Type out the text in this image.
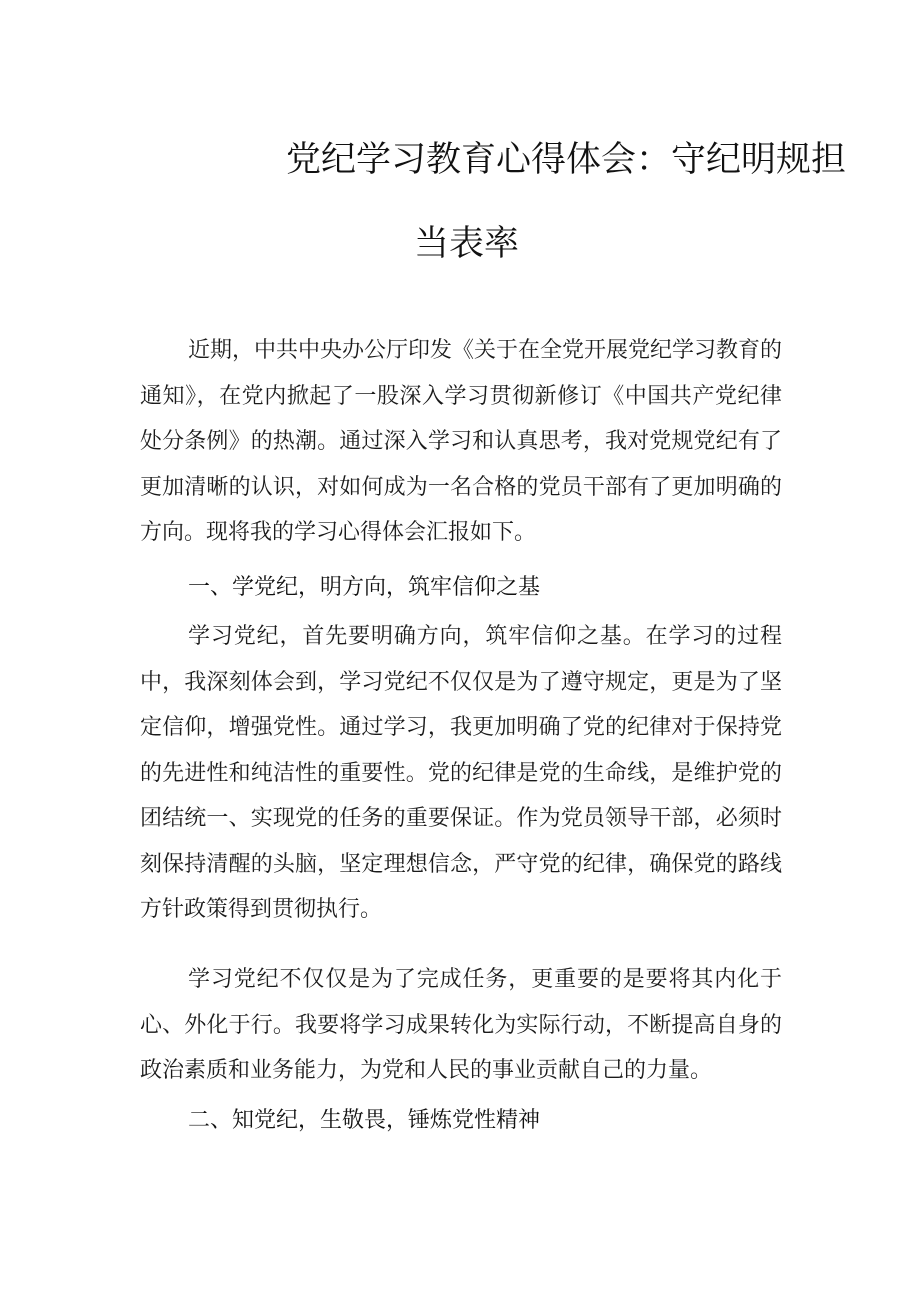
党纪学习教育心得体会：守纪明规担
当表率

近期，中共中央办公厅印发《关于在全党开展党纪学习教育的通知》，在党内掀起了一股深入学习贯彻新修订《中国共产党纪律处分条例》的热潮。通过深入学习和认真思考，我对党规党纪有了更加清晰的认识，对如何成为一名合格的党员干部有了更加明确的方向。现将我的学习心得体会汇报如下。

一、学党纪，明方向，筑牢信仰之基

学习党纪，首先要明确方向，筑牢信仰之基。在学习的过程中，我深刻体会到，学习党纪不仅仅是为了遵守规定，更是为了坚定信仰，增强党性。通过学习，我更加明确了党的纪律对于保持党的先进性和纯洁性的重要性。党的纪律是党的生命线，是维护党的团结统一、实现党的任务的重要保证。作为党员领导干部，必须时刻保持清醒的头脑，坚定理想信念，严守党的纪律，确保党的路线方针政策得到贯彻执行。

学习党纪不仅仅是为了完成任务，更重要的是要将其内化于心、外化于行。我要将学习成果转化为实际行动，不断提高自身的政治素质和业务能力，为党和人民的事业贡献自己的力量。

二、知党纪，生敬畏，锤炼党性精神
